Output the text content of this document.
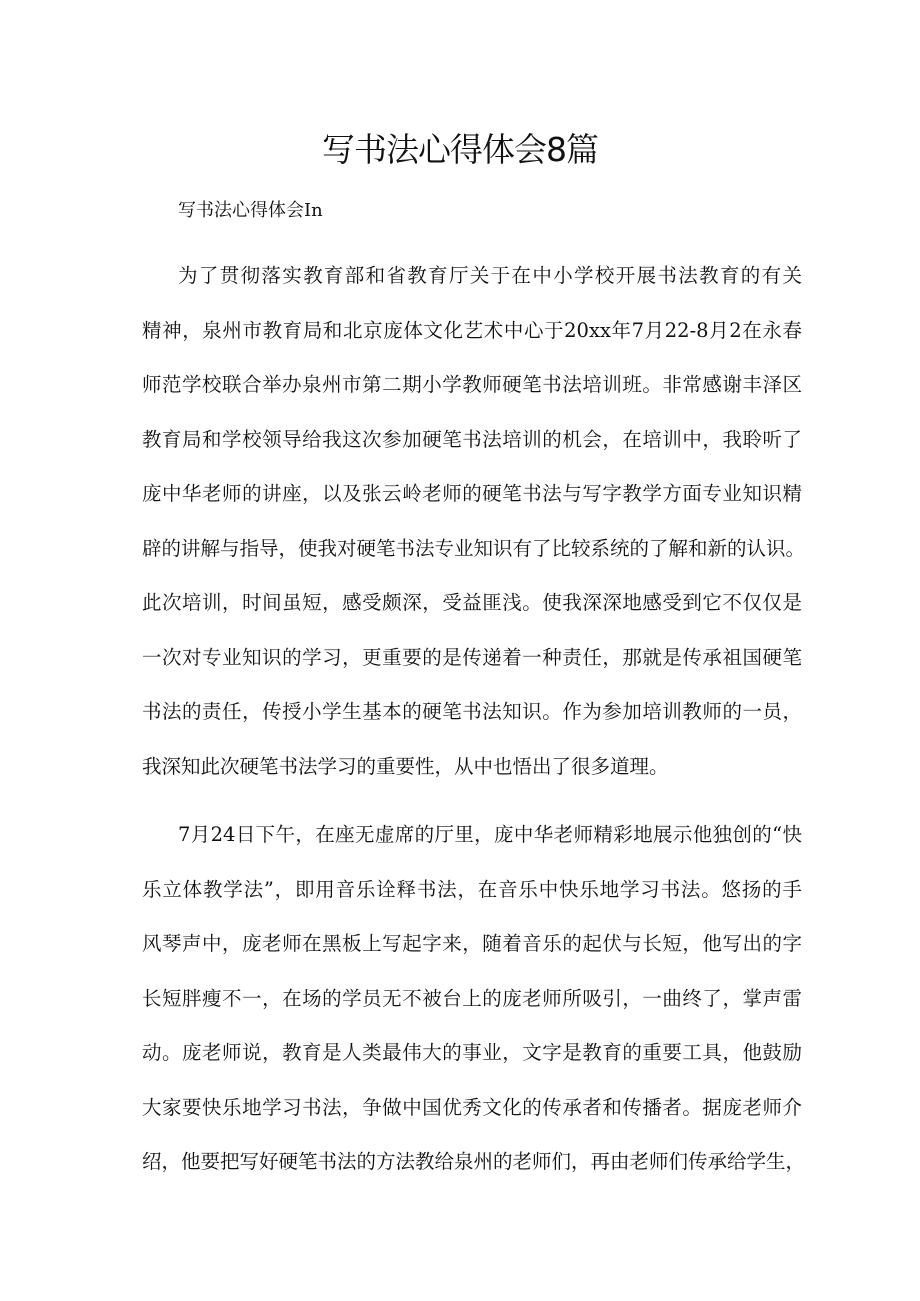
写书法心得体会8篇

写书法心得体会In

为了贯彻落实教育部和省教育厅关于在中小学校开展书法教育的有关
精神，泉州市教育局和北京庞体文化艺术中心于20xx年7月22-8月2在永春
师范学校联合举办泉州市第二期小学教师硬笔书法培训班。非常感谢丰泽区
教育局和学校领导给我这次参加硬笔书法培训的机会，在培训中，我聆听了
庞中华老师的讲座，以及张云岭老师的硬笔书法与写字教学方面专业知识精
辟的讲解与指导，使我对硬笔书法专业知识有了比较系统的了解和新的认识。
此次培训，时间虽短，感受颇深，受益匪浅。使我深深地感受到它不仅仅是
一次对专业知识的学习，更重要的是传递着一种责任，那就是传承祖国硬笔
书法的责任，传授小学生基本的硬笔书法知识。作为参加培训教师的一员，
我深知此次硬笔书法学习的重要性，从中也悟出了很多道理。
7月24日下午，在座无虚席的厅里，庞中华老师精彩地展示他独创的“快
乐立体教学法”，即用音乐诠释书法，在音乐中快乐地学习书法。悠扬的手
风琴声中，庞老师在黑板上写起字来，随着音乐的起伏与长短，他写出的字
长短胖瘦不一，在场的学员无不被台上的庞老师所吸引，一曲终了，掌声雷
动。庞老师说，教育是人类最伟大的事业，文字是教育的重要工具，他鼓励
大家要快乐地学习书法，争做中国优秀文化的传承者和传播者。据庞老师介
绍，他要把写好硬笔书法的方法教给泉州的老师们，再由老师们传承给学生，
